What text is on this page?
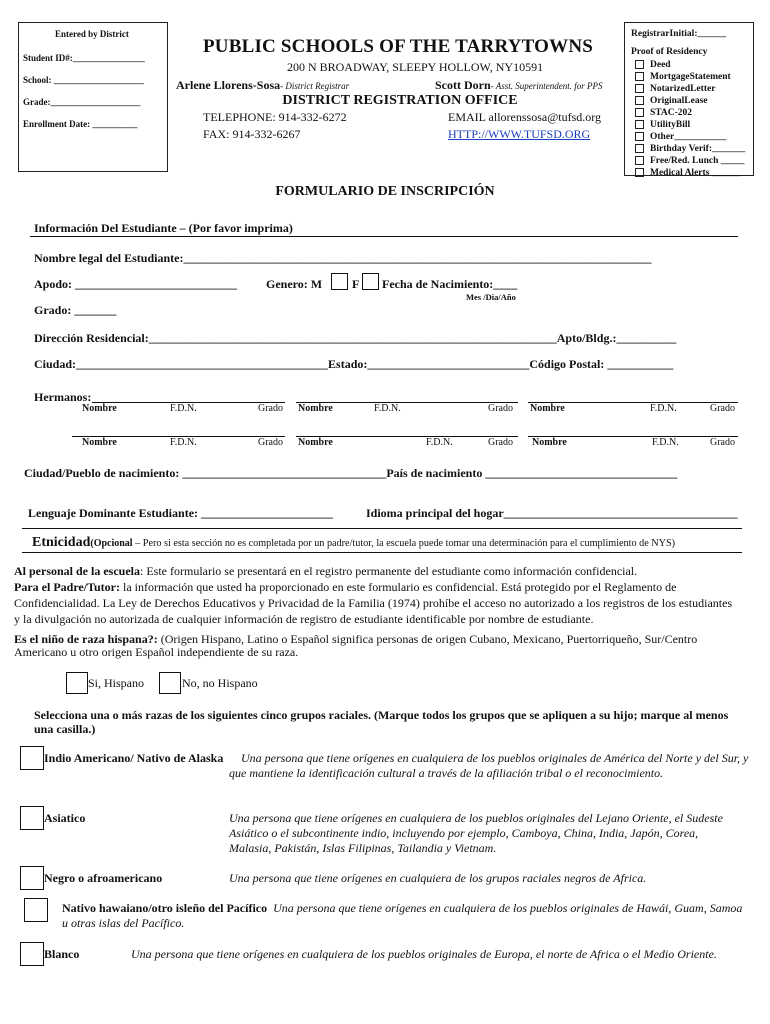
Entered by District
Student ID#:________________
School: ____________________
Grade:____________________
Enrollment Date: __________
PUBLIC SCHOOLS OF THE TARRYTOWNS
200 N BROADWAY, SLEEPY HOLLOW, NY10591
Arlene Llorens-Sosa- District Registrar	Scott Dorn- Asst. Superintendent. for PPS
DISTRICT REGISTRATION OFFICE
TELEPHONE: 914-332-6272
FAX: 914-332-6267
EMAIL allorenssosa@tufsd.org
HTTP://WWW.TUFSD.ORG
RegistrarInitial:______
Proof of Residency
Deed
MortgageStatement
NotarizedLetter
OriginalLease
STAC-202
UtilityBill
Other___________
Birthday Verif:_______
Free/Red. Lunch _____
Medical Alerts ______
FORMULARIO DE INSCRIPCIÓN
Información Del Estudiante – (Por favor imprima)
Nombre legal del Estudiante:______________________________________________________________________________
Apodo: ___________________________ Genero: M F Fecha de Nacimiento:____
Mes /Dia/Año
Grado: _______
Dirección Residencial:____________________________________________________________________Apto/Bldg.:__________
Ciudad:__________________________________________Estado:___________________________Código Postal: ___________
Hermanos:
Nombre	F.D.N.	Grado Nombre	F.D.N.	Grado Nombre	F.D.N.	Grado
Nombre	F.D.N.	Grado Nombre	F.D.N.	Grado Nombre	F.D.N.	Grado
Ciudad/Pueblo de nacimiento: __________________________________País de nacimiento ________________________________
Lenguaje Dominante Estudiante: ______________________	Idioma principal del hogar_______________________________________
Etnicidad(Opcional – Pero si esta sección no es completada por un padre/tutor, la escuela puede tomar una determinación para el cumplimiento de NYS)
Al personal de la escuela: Este formulario se presentará en el registro permanente del estudiante como información confidencial.
Para el Padre/Tutor: la información que usted ha proporcionado en este formulario es confidencial. Está protegido por el Reglamento de Confidencialidad. La Ley de Derechos Educativos y Privacidad de la Familia (1974) prohíbe el acceso no autorizado a los registros de los estudiantes y la divulgación no autorizada de cualquier información de registro de estudiante identificable por nombre de estudiante.
Es el niño de raza hispana?: (Origen Hispano, Latino o Español significa personas de origen Cubano, Mexicano, Puertorriqueño, Sur/Centro Americano u otro origen Español independiente de su raza.
Si, Hispano	No, no Hispano
Selecciona una o más razas de los siguientes cinco grupos raciales. (Marque todos los grupos que se apliquen a su hijo; marque al menos una casilla.)
Indio Americano/ Nativo de Alaska	Una persona que tiene orígenes en cualquiera de los pueblos originales de América del Norte y del Sur, y que mantiene la identificación cultural a través de la afiliación tribal o el reconocimiento.
Asiatico	Una persona que tiene orígenes en cualquiera de los pueblos originales del Lejano Oriente, el Sudeste Asiático o el subcontinente indio, incluyendo por ejemplo, Camboya, China, India, Japón, Corea, Malasia, Pakistán, Islas Filipinas, Tailandia y Vietnam.
Negro o afroamericano	Una persona que tiene orígenes en cualquiera de los grupos raciales negros de Africa.
Nativo hawaiano/otro isleño del Pacífico Una persona que tiene orígenes en cualquiera de los pueblos originales de Hawái, Guam, Samoa u otras islas del Pacífico.
Blanco	Una persona que tiene orígenes en cualquiera de los pueblos originales de Europa, el norte de Africa o el Medio Oriente.
